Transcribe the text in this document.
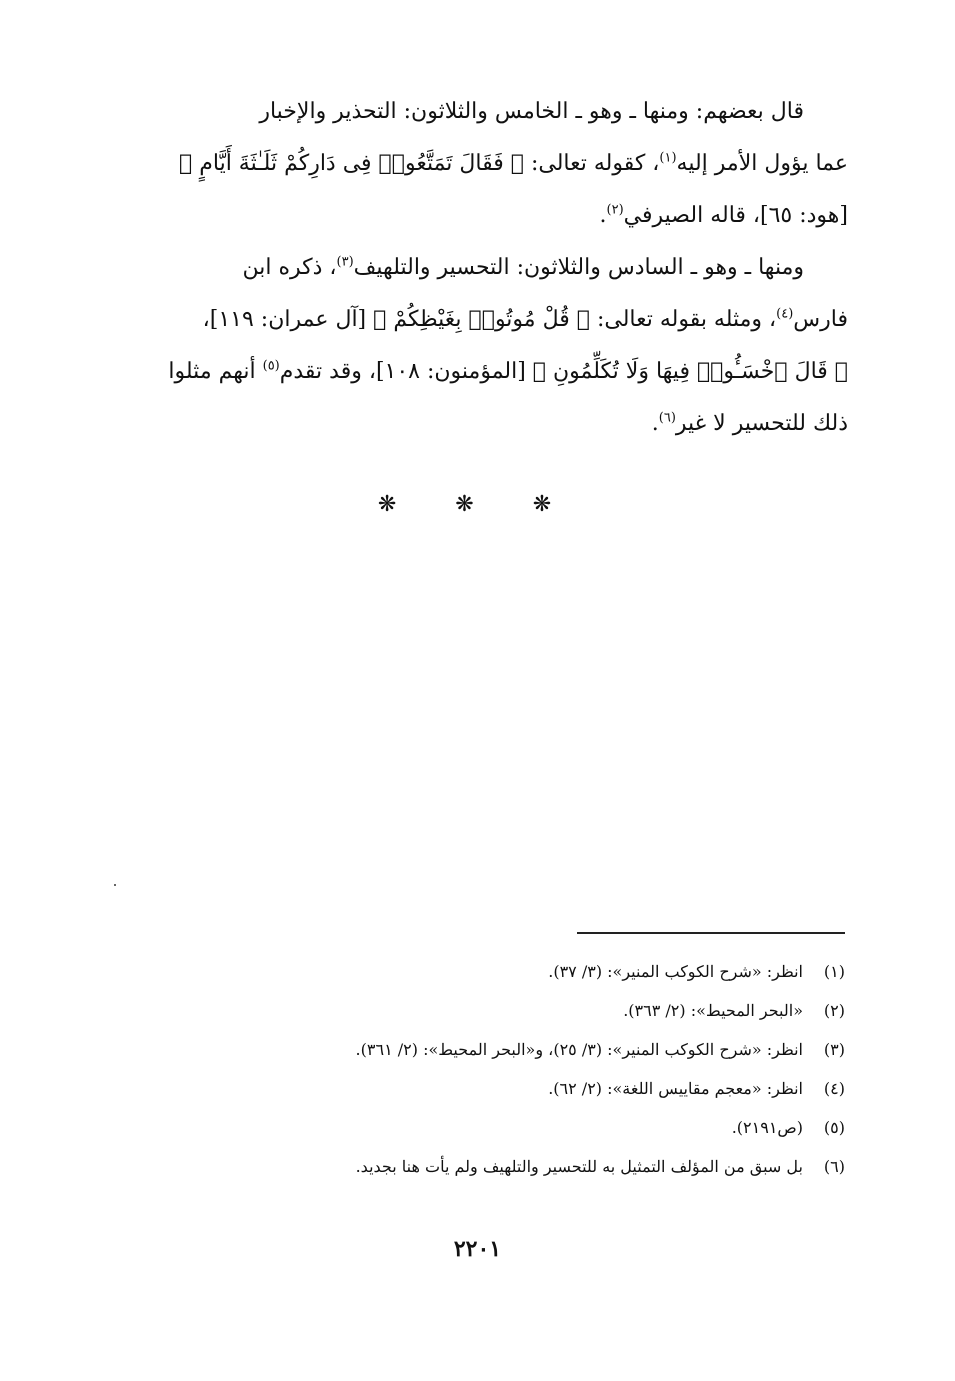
قال بعضهم: ومنها ـ وهو ـ الخامس والثلاثون: التحذير والإخبار
عما يؤول الأمر إليه$^{(١)}$، كقوله تعالى: ﴿ فَقَالَ تَمَتَّعُوا۟ فِى دَارِكُمْ ثَلَـٰثَةَ أَيَّامٍ ﴾
[هود: ٦٥]، قاله الصيرفي$^{(٢)}$.

ومنها ـ وهو ـ السادس والثلاثون: التحسير والتلهيف$^{(٣)}$، ذكره ابن
فارس$^{(٤)}$، ومثله بقوله تعالى: ﴿ قُلْ مُوتُوا۟ بِغَيْظِكُمْ ﴾ [آل عمران: ١١٩]،
﴿ قَالَ ٱخْسَـُٔوا۟ فِيهَا وَلَا تُكَلِّمُونِ ﴾ [المؤمنون: ١٠٨]، وقد تقدم$^{(٥)}$ أنهم مثلوا
ذلك للتحسير لا غير$^{(٦)}$.

❋ ❋ ❋
(١)
انظر: «شرح الكوكب المنير»: (٣/ ٣٧).
(٢)
«البحر المحيط»: (٢/ ٣٦٣).
(٣)
انظر: «شرح الكوكب المنير»: (٣/ ٢٥)، و«البحر المحيط»: (٢/ ٣٦١).
(٤)
انظر: «معجم مقاييس اللغة»: (٢/ ٦٢).
(٥)
(ص٢١٩١).
(٦)
بل سبق من المؤلف التمثيل به للتحسير والتلهيف ولم يأت هنا بجديد.
٢٢٠١
